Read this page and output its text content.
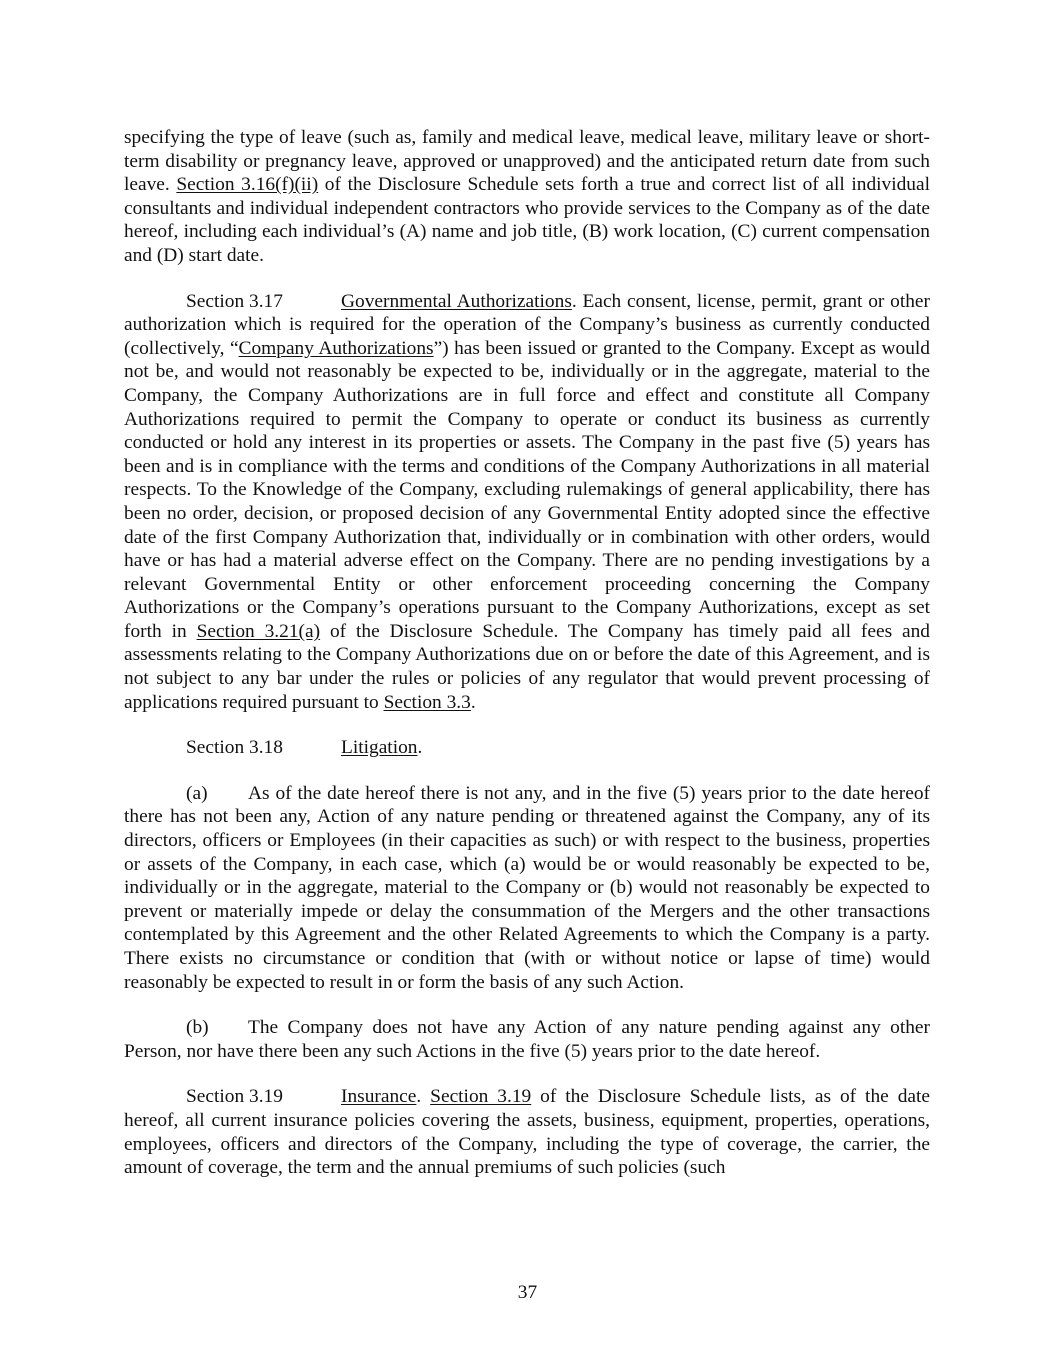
specifying the type of leave (such as, family and medical leave, medical leave, military leave or short-term disability or pregnancy leave, approved or unapproved) and the anticipated return date from such leave. Section 3.16(f)(ii) of the Disclosure Schedule sets forth a true and correct list of all individual consultants and individual independent contractors who provide services to the Company as of the date hereof, including each individual’s (A) name and job title, (B) work location, (C) current compensation and (D) start date.

Section 3.17	Governmental Authorizations. Each consent, license, permit, grant or other authorization which is required for the operation of the Company’s business as currently conducted (collectively, “Company Authorizations”) has been issued or granted to the Company. Except as would not be, and would not reasonably be expected to be, individually or in the aggregate, material to the Company, the Company Authorizations are in full force and effect and constitute all Company Authorizations required to permit the Company to operate or conduct its business as currently conducted or hold any interest in its properties or assets. The Company in the past five (5) years has been and is in compliance with the terms and conditions of the Company Authorizations in all material respects. To the Knowledge of the Company, excluding rulemakings of general applicability, there has been no order, decision, or proposed decision of any Governmental Entity adopted since the effective date of the first Company Authorization that, individually or in combination with other orders, would have or has had a material adverse effect on the Company. There are no pending investigations by a relevant Governmental Entity or other enforcement proceeding concerning the Company Authorizations or the Company’s operations pursuant to the Company Authorizations, except as set forth in Section 3.21(a) of the Disclosure Schedule. The Company has timely paid all fees and assessments relating to the Company Authorizations due on or before the date of this Agreement, and is not subject to any bar under the rules or policies of any regulator that would prevent processing of applications required pursuant to Section 3.3.

Section 3.18	Litigation.

(a) As of the date hereof there is not any, and in the five (5) years prior to the date hereof there has not been any, Action of any nature pending or threatened against the Company, any of its directors, officers or Employees (in their capacities as such) or with respect to the business, properties or assets of the Company, in each case, which (a) would be or would reasonably be expected to be, individually or in the aggregate, material to the Company or (b) would not reasonably be expected to prevent or materially impede or delay the consummation of the Mergers and the other transactions contemplated by this Agreement and the other Related Agreements to which the Company is a party. There exists no circumstance or condition that (with or without notice or lapse of time) would reasonably be expected to result in or form the basis of any such Action.

(b) The Company does not have any Action of any nature pending against any other Person, nor have there been any such Actions in the five (5) years prior to the date hereof.

Section 3.19	Insurance. Section 3.19 of the Disclosure Schedule lists, as of the date hereof, all current insurance policies covering the assets, business, equipment, properties, operations, employees, officers and directors of the Company, including the type of coverage, the carrier, the amount of coverage, the term and the annual premiums of such policies (such

37
